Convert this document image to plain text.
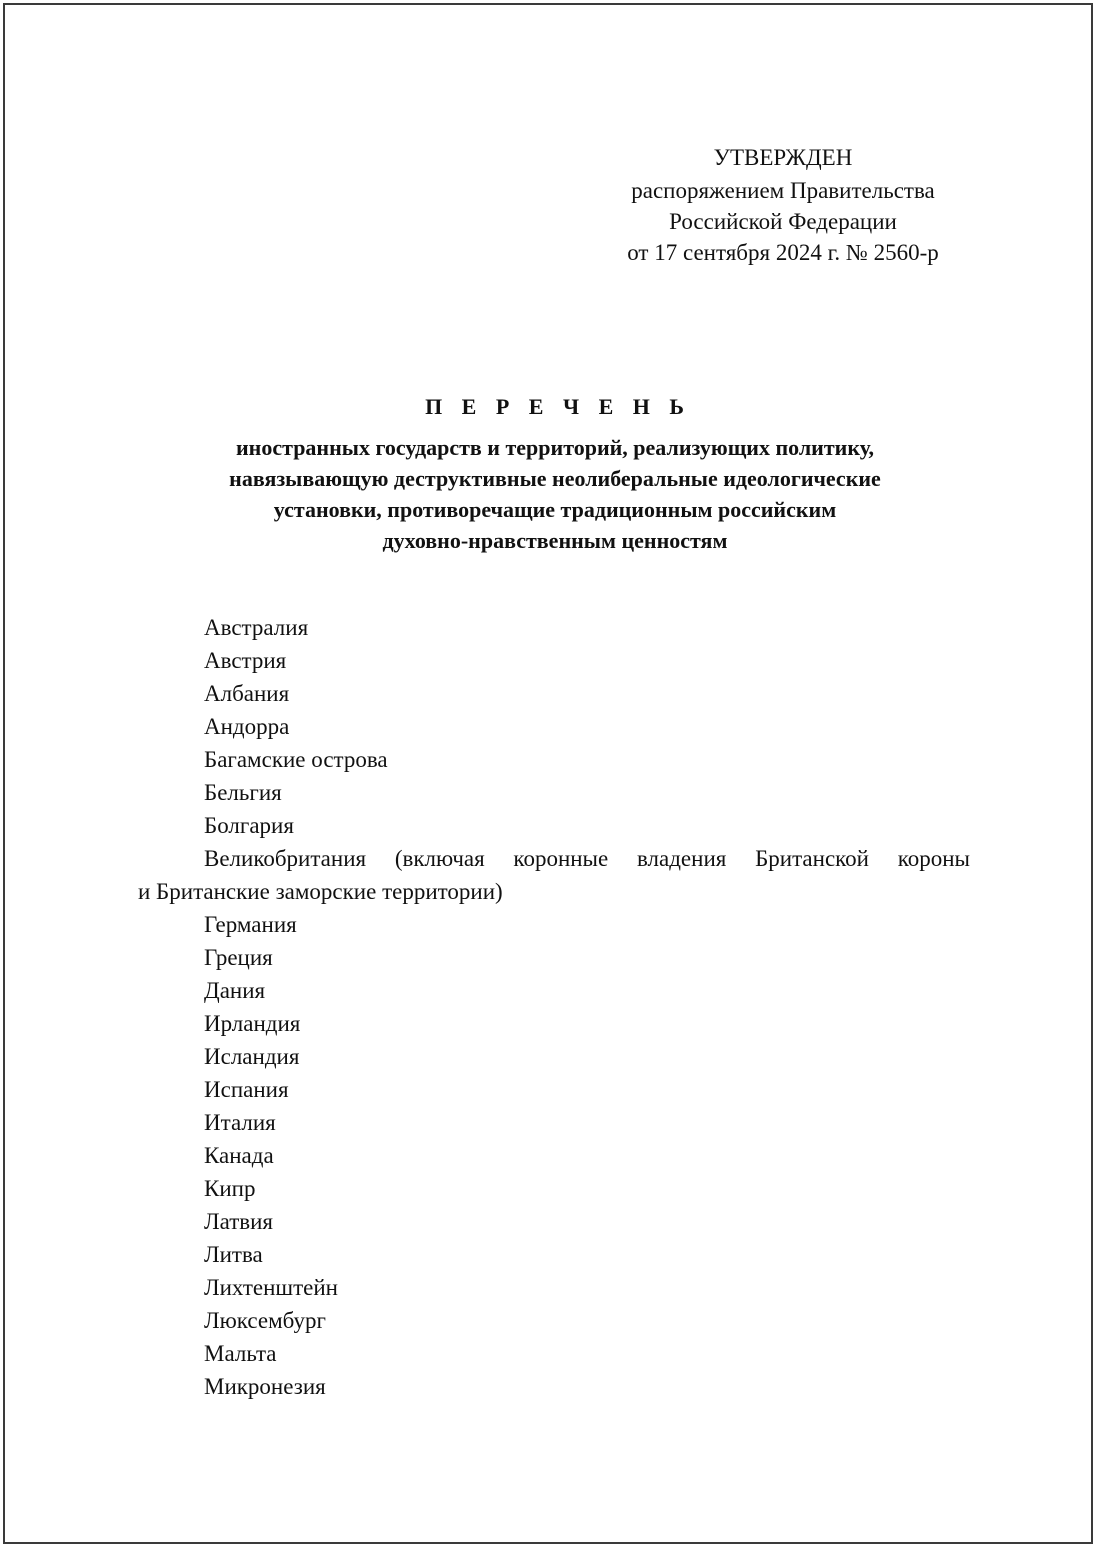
УТВЕРЖДЕН
распоряжением Правительства
Российской Федерации
от 17 сентября 2024 г. № 2560-р
П Е Р Е Ч Е Н Ь
иностранных государств и территорий, реализующих политику,
навязывающую деструктивные неолиберальные идеологические
установки, противоречащие традиционным российским
духовно-нравственным ценностям
Австралия
Австрия
Албания
Андорра
Багамские острова
Бельгия
Болгария
Великобритания (включая коронные владения Британской короны
и Британские заморские территории)
Германия
Греция
Дания
Ирландия
Исландия
Испания
Италия
Канада
Кипр
Латвия
Литва
Лихтенштейн
Люксембург
Мальта
Микронезия
